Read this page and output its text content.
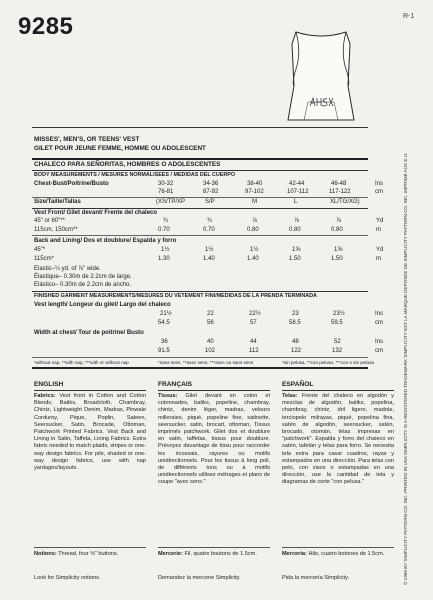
9285	R-1
MISSES', MEN'S, OR TEENS' VEST
GILET POUR JEUNE FEMME, HOMME OU ADOLESCENT
CHALECO PARA SEÑORITAS, HOMBRES O ADOLESCENTES
BODY MEASUREMENTS / MESURES NORMALISEES / MEDIDAS DEL CUERPO
Chest-Bust/Poitrine/Busto	30-32	34-36	38-40	42-44	46-48	Ins
76-81	87-92	97-102	107-112	117-122	cm
Size/Taille/Tallas	(XS/TP/XP	S/P	M	L	XL/TG/XG)
Vest Front/ Gilet devant/ Frente del chaleco
45" or 60"**	¾	¾	⅞	⅞	⅞	Yd
115cm, 150cm**	0.70	0.70	0.80	0.80	0.80	m
Back and Lining/ Dos et doublure/ Espalda y forro
45"*	1½	1½	1½	1⅝	1⅝	Yd
115cm*	1.30	1.40	1.40	1.50	1.50	m
Elastic–¼ yd. of ⅞" wide.
Élastique– 0.30m de 2.2cm de large.
Elástico– 0.30m de 2.2cm de ancho.
FINISHED GARMENT MEASUREMENTS/MESURES DU VETEMENT FINI/MEDIDAS DE LA PRENDA TERMINADA
Vest length/ Longeur du gilet/ Largo del chaleco
21½	22	22½	23	23½	Ins
54.5	56	57	58.5	59.5	cm
Width at chest/ Tour de poitrine/ Busto
36	40	44	48	52	Ins
91.5	102	112	122	132	cm
*without nap, **with nap, ***with or without nap	*sans sens, **avec sens, ***avec ou sans sens	*sin pelusa, **con pelusa, ***con o sin pelusa
ENGLISH	FRANÇAIS	ESPAÑOL
Fabrics: Vest front in Cotton and Cotton Blends, Batiks, Broadcloth, Chambray, Chintz, Lightweight Denim, Madras, Pinwale Corduroy, Pique, Poplin, Sateen, Seersucker, Satin, Brocade, Ottoman, Patchwork Printed Fabrics. Vest Back and Lining in Satin, Taffeta, Lining Fabrics. Extra fabric needed to match plaids, stripes or one-way design fabrics. For pile, shaded or one-way design fabrics, use with nap yardages/layouts.
Tissus: Gilet devant en coton et cotonnades, batiks, popeline, chambray, chintz, denim léger, madras, velours milleraies, piqué, popeline fine, satinette, seersucker, satin, brocart, ottoman, Tissus imprimés patchwork. Gilet dos et doublure en satin, taffetas, tissus pour doublure. Prévoyez davantage de tissu pour raccorder les écossais, rayures ou motifs unidirectionnels. Pour les tissus à long poil, de différents tons ou à motifs unidirectionnels utilisez métrages et plans de coupe "avec sens."
Telas: Frente del chaleco en algodón y mezclas de algodón, batiks, popelina, chambray, chintz, dril ligero, madrás, terciopelo milrayas, piqué, popelina fina, satén de algodón, seersucker, satén, brocado, otomán, telas impresas en "patchwork". Espalda y forro del chaleco en satén, tafetán y telas para forro. Se necesita tela extra para casar cuadros, rayas y estampados en una dirección. Para telas con pelo, con visos o estampadas en una dirección, use la cantidad de tela y diagramas de corte "con pelusa."
Notions: Thread, four ⅝" buttons.	Mercerie: Fil, quatre boutons de 1.5cm.	Mercería: Hilo, cuatro botones de 1.5cm.
Look for Simplicity notions.	Demandez la mercerie Simplicity.	Pida la mercería Simplicity.	© 1996 BY SIMPLICITY PATTERN CO. INC. PRINTED IN USA SIMPLICITY IS A REGISTERED TRADEMARK SIMPLICITY EST LA MARQUE DEPOSÉE DE SIMPLICITY PATTERN CO. INC. IMPRIMÉ AUX E.U.
